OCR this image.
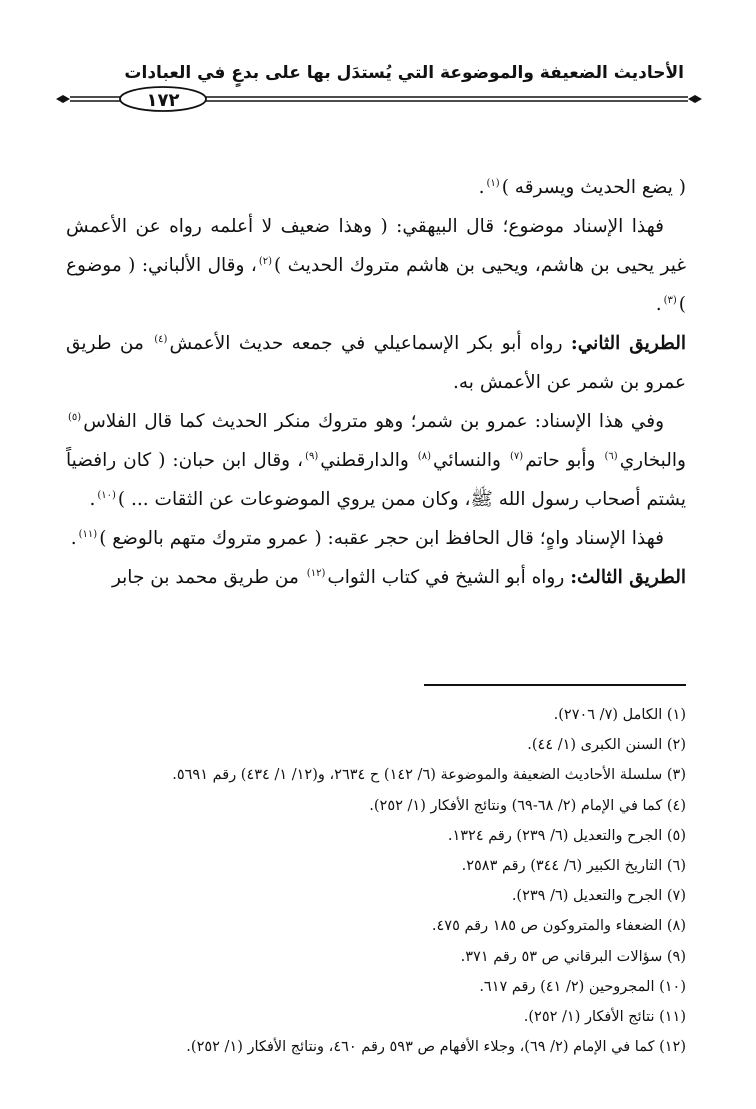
الأحاديث الضعيفة والموضوعة التي يُستدَل بها على بدعٍ في العبادات
١٧٢

( يضع الحديث ويسرقه )$^{(١)}$.

فهذا الإسناد موضوع؛ قال البيهقي: ( وهذا ضعيف لا أعلمه رواه عن الأعمش غير يحيى بن هاشم، ويحيى بن هاشم متروك الحديث )$^{(٢)}$، وقال الألباني: ( موضوع )$^{(٣)}$.

الطريق الثاني: رواه أبو بكر الإسماعيلي في جمعه حديث الأعمش$^{(٤)}$ من طريق عمرو بن شمر عن الأعمش به.

وفي هذا الإسناد: عمرو بن شمر؛ وهو متروك منكر الحديث كما قال الفلاس$^{(٥)}$ والبخاري$^{(٦)}$ وأبو حاتم$^{(٧)}$ والنسائي$^{(٨)}$ والدارقطني$^{(٩)}$، وقال ابن حبان: ( كان رافضياً يشتم أصحاب رسول الله ﷺ، وكان ممن يروي الموضوعات عن الثقات ... )$^{(١٠)}$.

فهذا الإسناد واهٍ؛ قال الحافظ ابن حجر عقبه: ( عمرو متروك متهم بالوضع )$^{(١١)}$.

الطريق الثالث: رواه أبو الشيخ في كتاب الثواب$^{(١٢)}$ من طريق محمد بن جابر

(١) الكامل (٧/ ٢٧٠٦).
(٢) السنن الكبرى (١/ ٤٤).
(٣) سلسلة الأحاديث الضعيفة والموضوعة (٦/ ١٤٢) ح ٢٦٣٤، و(١٢/ ١/ ٤٣٤) رقم ٥٦٩١.
(٤) كما في الإمام (٢/ ٦٨-٦٩) ونتائج الأفكار (١/ ٢٥٢).
(٥) الجرح والتعديل (٦/ ٢٣٩) رقم ١٣٢٤.
(٦) التاريخ الكبير (٦/ ٣٤٤) رقم ٢٥٨٣.
(٧) الجرح والتعديل (٦/ ٢٣٩).
(٨) الضعفاء والمتروكون ص ١٨٥ رقم ٤٧٥.
(٩) سؤالات البرقاني ص ٥٣ رقم ٣٧١.
(١٠) المجروحين (٢/ ٤١) رقم ٦١٧.
(١١) نتائج الأفكار (١/ ٢٥٢).
(١٢) كما في الإمام (٢/ ٦٩)، وجلاء الأفهام ص ٥٩٣ رقم ٤٦٠، ونتائج الأفكار (١/ ٢٥٢).
